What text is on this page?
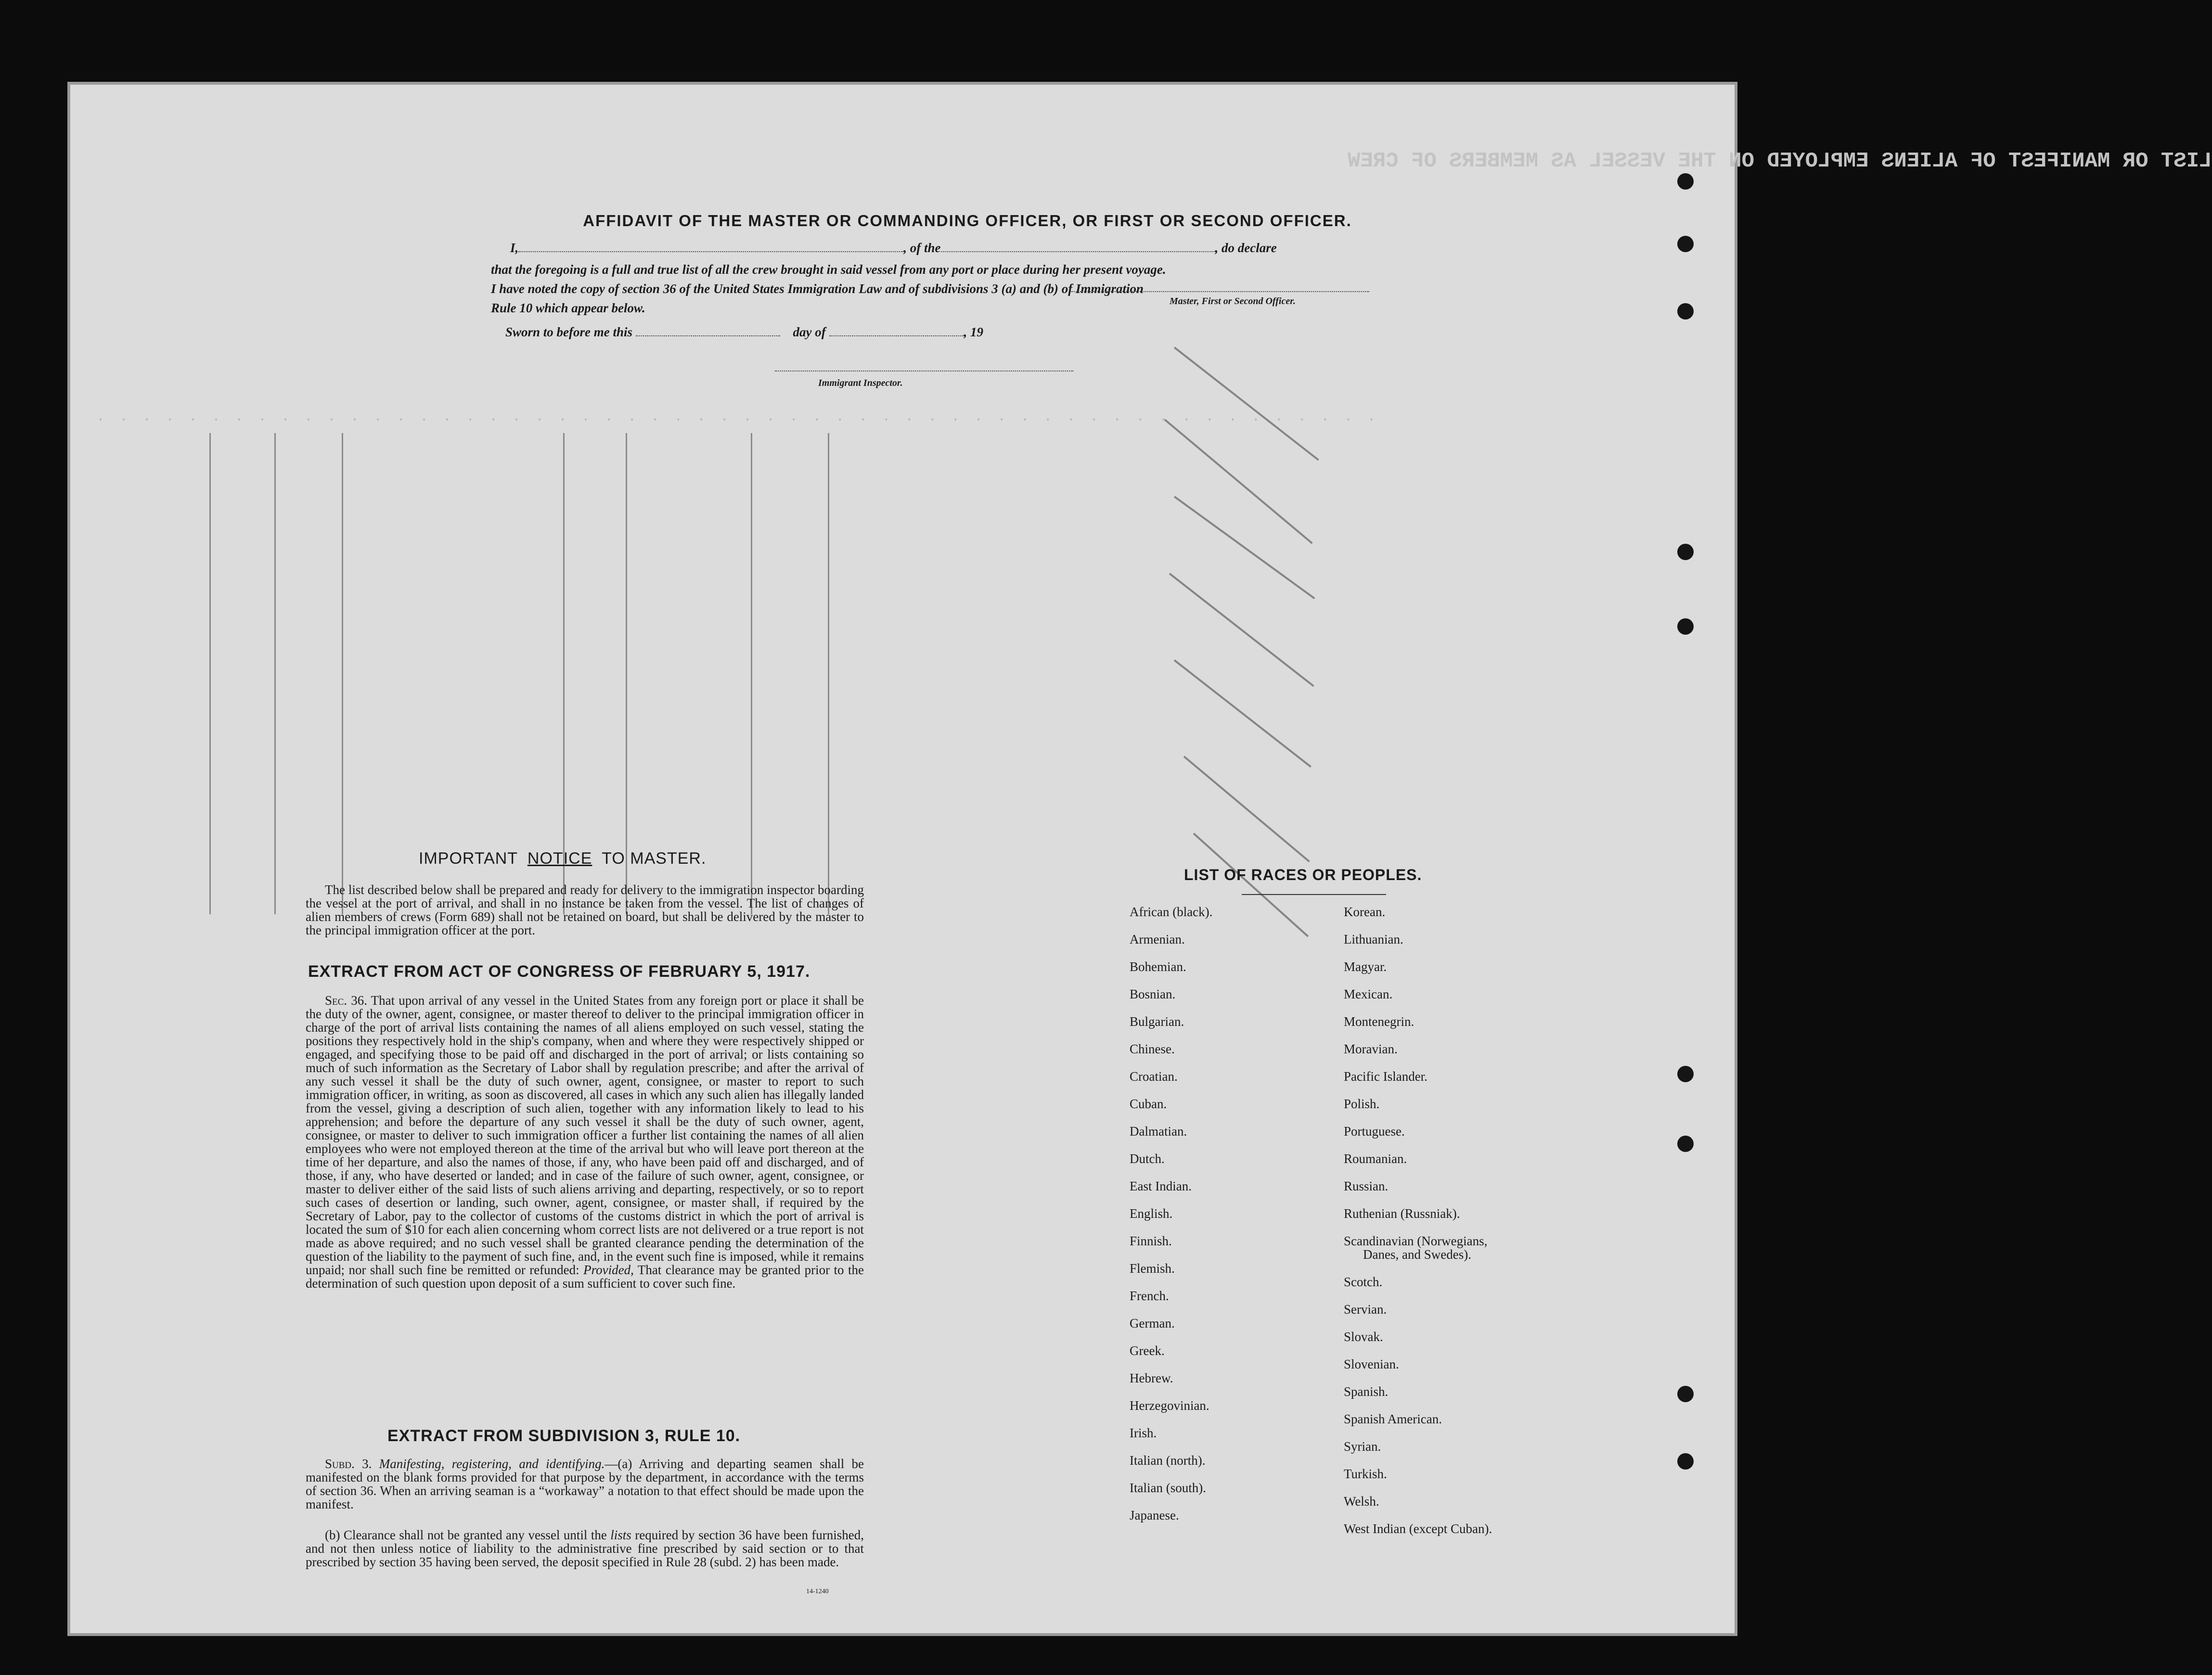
LIST OR MANIFEST OF ALIENS EMPLOYED ON THE VESSEL AS MEMBERS OF CREW
. . . . . . . . . . . . . . . . . . . . . . . . . . . . . . . . . . . . . . . . . . . . . . . . . . . . . . . .
AFFIDAVIT OF THE MASTER OR COMMANDING OFFICER, OR FIRST OR SECOND OFFICER.
I,	, of the	, do declare
that the foregoing is a full and true list of all the crew brought in said vessel from any port or place during her present voyage.
I have noted the copy of section 36 of the United States Immigration Law and of subdivisions 3 (a) and (b) of Immigration
Rule 10 which appear below.	Master, First or Second Officer.
Sworn to before me this	day of	, 19
Immigrant Inspector.
IMPORTANT NOTICE TO MASTER.
The list described below shall be prepared and ready for delivery to the immigration inspector boarding the vessel at the port of arrival, and shall in no instance be taken from the vessel. The list of changes of alien members of crews (Form 689) shall not be retained on board, but shall be delivered by the master to the principal immigration officer at the port.
EXTRACT FROM ACT OF CONGRESS OF FEBRUARY 5, 1917.
Sec. 36. That upon arrival of any vessel in the United States from any foreign port or place it shall be the duty of the owner, agent, consignee, or master thereof to deliver to the principal immigration officer in charge of the port of arrival lists containing the names of all aliens employed on such vessel, stating the positions they respectively hold in the ship's company, when and where they were respectively shipped or engaged, and specifying those to be paid off and discharged in the port of arrival; or lists containing so much of such information as the Secretary of Labor shall by regulation prescribe; and after the arrival of any such vessel it shall be the duty of such owner, agent, consignee, or master to report to such immigration officer, in writing, as soon as discovered, all cases in which any such alien has illegally landed from the vessel, giving a description of such alien, together with any information likely to lead to his apprehension; and before the departure of any such vessel it shall be the duty of such owner, agent, consignee, or master to deliver to such immigration officer a further list containing the names of all alien employees who were not employed thereon at the time of the arrival but who will leave port thereon at the time of her departure, and also the names of those, if any, who have been paid off and discharged, and of those, if any, who have deserted or landed; and in case of the failure of such owner, agent, consignee, or master to deliver either of the said lists of such aliens arriving and departing, respectively, or so to report such cases of desertion or landing, such owner, agent, consignee, or master shall, if required by the Secretary of Labor, pay to the collector of customs of the customs district in which the port of arrival is located the sum of $10 for each alien concerning whom correct lists are not delivered or a true report is not made as above required; and no such vessel shall be granted clearance pending the determination of the question of the liability to the payment of such fine, and, in the event such fine is imposed, while it remains unpaid; nor shall such fine be remitted or refunded: Provided, That clearance may be granted prior to the determination of such question upon deposit of a sum sufficient to cover such fine.
EXTRACT FROM SUBDIVISION 3, RULE 10.
Subd. 3. Manifesting, registering, and identifying.—(a) Arriving and departing seamen shall be manifested on the blank forms provided for that purpose by the department, in accordance with the terms of section 36. When an arriving seaman is a “workaway” a notation to that effect should be made upon the manifest.
(b) Clearance shall not be granted any vessel until the lists required by section 36 have been furnished, and not then unless notice of liability to the administrative fine prescribed by said section or to that prescribed by section 35 having been served, the deposit specified in Rule 28 (subd. 2) has been made.
14-1240
LIST OF RACES OR PEOPLES.
African (black).
Armenian.
Bohemian.
Bosnian.
Bulgarian.
Chinese.
Croatian.
Cuban.
Dalmatian.
Dutch.
East Indian.
English.
Finnish.
Flemish.
French.
German.
Greek.
Hebrew.
Herzegovinian.
Irish.
Italian (north).
Italian (south).
Japanese.
Korean.
Lithuanian.
Magyar.
Mexican.
Montenegrin.
Moravian.
Pacific Islander.
Polish.
Portuguese.
Roumanian.
Russian.
Ruthenian (Russniak).
Scandinavian (Norwegians,
Danes, and Swedes).
Scotch.
Servian.
Slovak.
Slovenian.
Spanish.
Spanish American.
Syrian.
Turkish.
Welsh.
West Indian (except Cuban).
